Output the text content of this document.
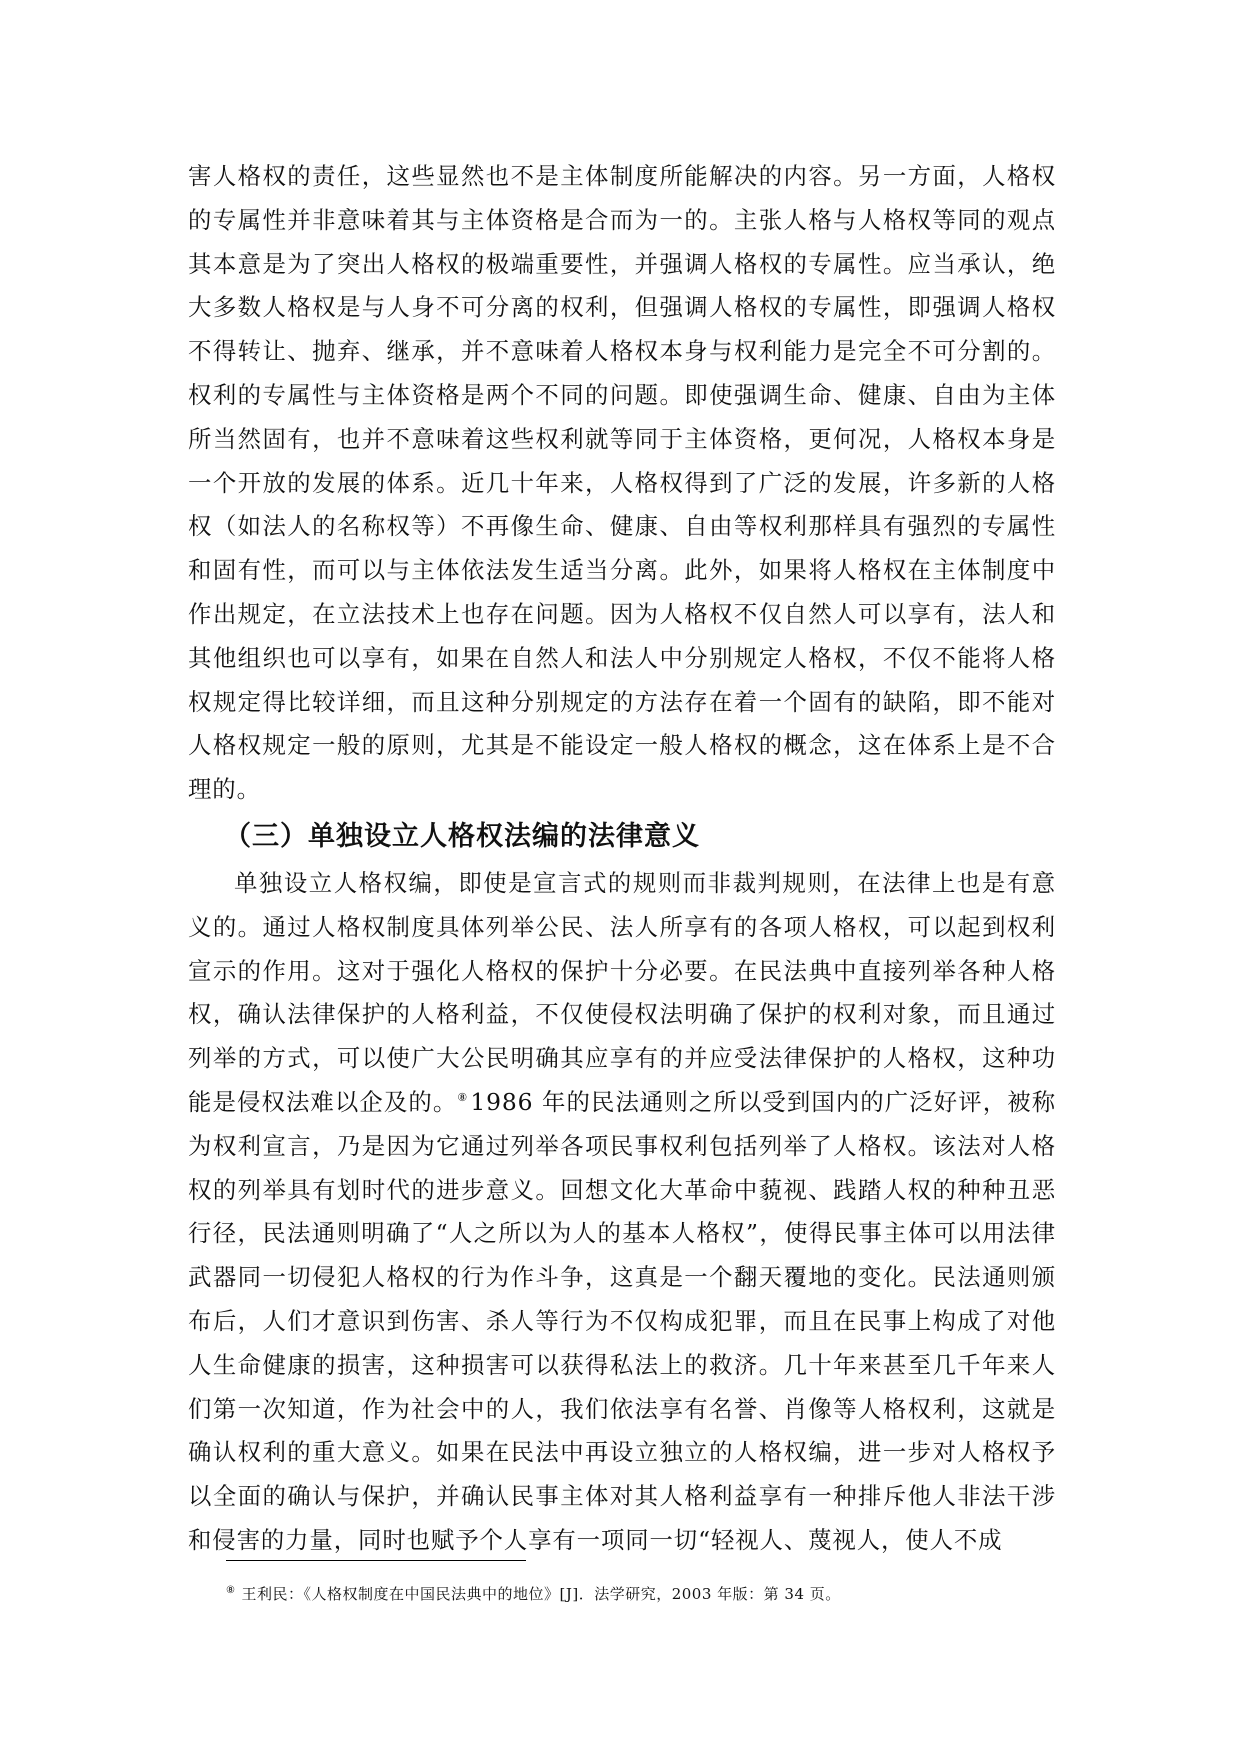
害人格权的责任，这些显然也不是主体制度所能解决的内容。另一方面，人格权的专属性并非意味着其与主体资格是合而为一的。主张人格与人格权等同的观点其本意是为了突出人格权的极端重要性，并强调人格权的专属性。应当承认，绝大多数人格权是与人身不可分离的权利，但强调人格权的专属性，即强调人格权不得转让、抛弃、继承，并不意味着人格权本身与权利能力是完全不可分割的。权利的专属性与主体资格是两个不同的问题。即使强调生命、健康、自由为主体所当然固有，也并不意味着这些权利就等同于主体资格，更何况，人格权本身是一个开放的发展的体系。近几十年来，人格权得到了广泛的发展，许多新的人格权（如法人的名称权等）不再像生命、健康、自由等权利那样具有强烈的专属性和固有性，而可以与主体依法发生适当分离。此外，如果将人格权在主体制度中作出规定，在立法技术上也存在问题。因为人格权不仅自然人可以享有，法人和其他组织也可以享有，如果在自然人和法人中分别规定人格权，不仅不能将人格权规定得比较详细，而且这种分别规定的方法存在着一个固有的缺陷，即不能对人格权规定一般的原则，尤其是不能设定一般人格权的概念，这在体系上是不合理的。

（三）单独设立人格权法编的法律意义

单独设立人格权编，即使是宣言式的规则而非裁判规则，在法律上也是有意义的。通过人格权制度具体列举公民、法人所享有的各项人格权，可以起到权利宣示的作用。这对于强化人格权的保护十分必要。在民法典中直接列举各种人格权，确认法律保护的人格利益，不仅使侵权法明确了保护的权利对象，而且通过列举的方式，可以使广大公民明确其应享有的并应受法律保护的人格权，这种功能是侵权法难以企及的。⑧1986 年的民法通则之所以受到国内的广泛好评，被称为权利宣言，乃是因为它通过列举各项民事权利包括列举了人格权。该法对人格权的列举具有划时代的进步意义。回想文化大革命中藐视、践踏人权的种种丑恶行径，民法通则明确了“人之所以为人的基本人格权”，使得民事主体可以用法律武器同一切侵犯人格权的行为作斗争，这真是一个翻天覆地的变化。民法通则颁布后，人们才意识到伤害、杀人等行为不仅构成犯罪，而且在民事上构成了对他人生命健康的损害，这种损害可以获得私法上的救济。几十年来甚至几千年来人们第一次知道，作为社会中的人，我们依法享有名誉、肖像等人格权利，这就是确认权利的重大意义。如果在民法中再设立独立的人格权编，进一步对人格权予以全面的确认与保护，并确认民事主体对其人格利益享有一种排斥他人非法干涉和侵害的力量，同时也赋予个人享有一项同一切“轻视人、蔑视人，使人不成

⑧ 王利民：《人格权制度在中国民法典中的地位》[J]．法学研究，2003 年版：第 34 页。
